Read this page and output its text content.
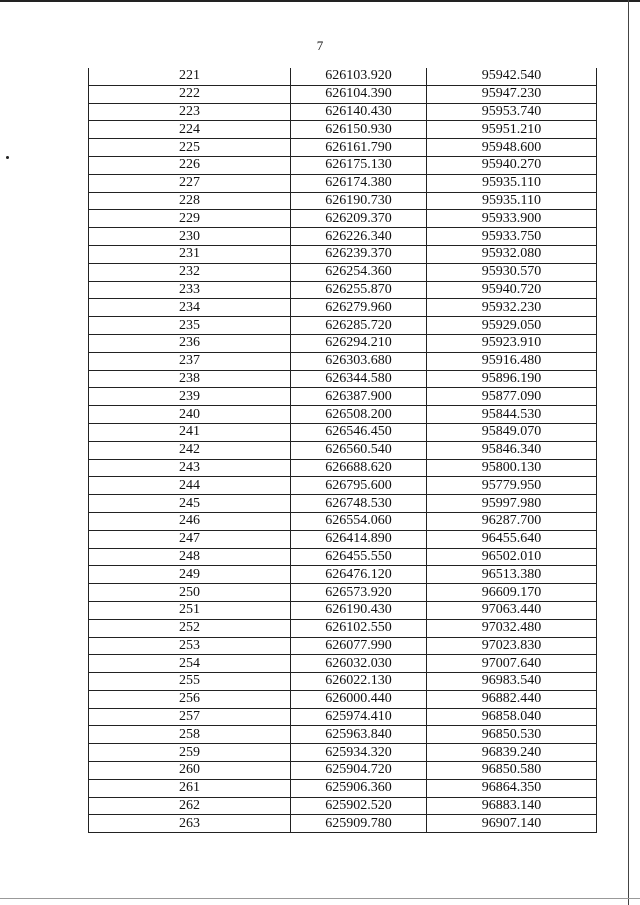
7
221	626103.920	95942.540
222	626104.390	95947.230
223	626140.430	95953.740
224	626150.930	95951.210
225	626161.790	95948.600
226	626175.130	95940.270
227	626174.380	95935.110
228	626190.730	95935.110
229	626209.370	95933.900
230	626226.340	95933.750
231	626239.370	95932.080
232	626254.360	95930.570
233	626255.870	95940.720
234	626279.960	95932.230
235	626285.720	95929.050
236	626294.210	95923.910
237	626303.680	95916.480
238	626344.580	95896.190
239	626387.900	95877.090
240	626508.200	95844.530
241	626546.450	95849.070
242	626560.540	95846.340
243	626688.620	95800.130
244	626795.600	95779.950
245	626748.530	95997.980
246	626554.060	96287.700
247	626414.890	96455.640
248	626455.550	96502.010
249	626476.120	96513.380
250	626573.920	96609.170
251	626190.430	97063.440
252	626102.550	97032.480
253	626077.990	97023.830
254	626032.030	97007.640
255	626022.130	96983.540
256	626000.440	96882.440
257	625974.410	96858.040
258	625963.840	96850.530
259	625934.320	96839.240
260	625904.720	96850.580
261	625906.360	96864.350
262	625902.520	96883.140
263	625909.780	96907.140
